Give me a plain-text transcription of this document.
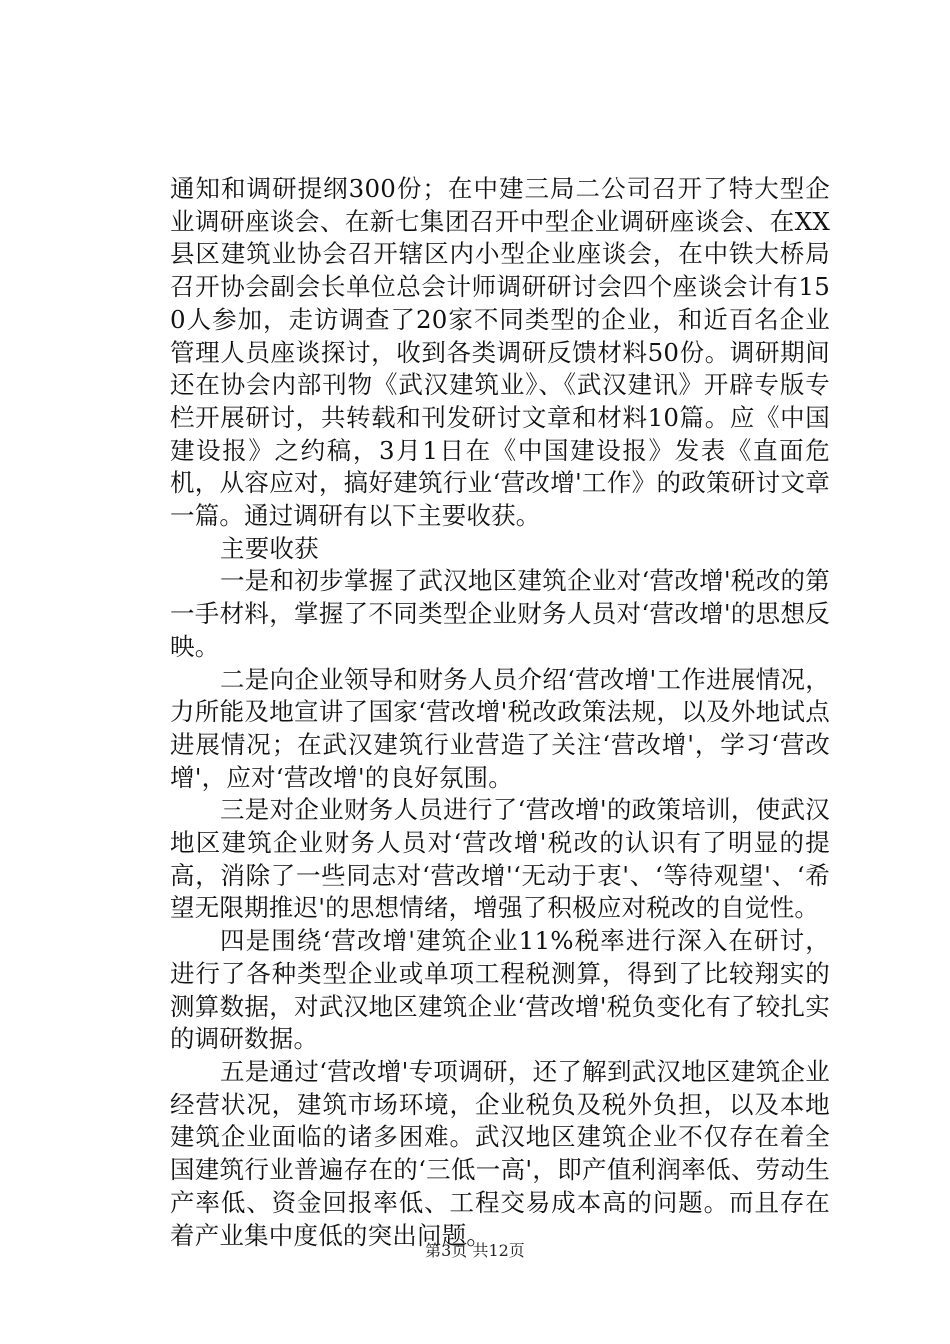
通知和调研提纲300份；在中建三局二公司召开了特大型企业调研座谈会、在新七集团召开中型企业调研座谈会、在XX县区建筑业协会召开辖区内小型企业座谈会，在中铁大桥局召开协会副会长单位总会计师调研研讨会四个座谈会计有150人参加，走访调查了20家不同类型的企业，和近百名企业管理人员座谈探讨，收到各类调研反馈材料50份。调研期间还在协会内部刊物《武汉建筑业》、《武汉建讯》开辟专版专栏开展研讨，共转载和刊发研讨文章和材料10篇。应《中国建设报》之约稿，3月1日在《中国建设报》发表《直面危机，从容应对，搞好建筑行业‘营改增'工作》的政策研讨文章一篇。通过调研有以下主要收获。

主要收获

一是和初步掌握了武汉地区建筑企业对‘营改增'税改的第一手材料，掌握了不同类型企业财务人员对‘营改增'的思想反映。

二是向企业领导和财务人员介绍‘营改增'工作进展情况，力所能及地宣讲了国家‘营改增'税改政策法规，以及外地试点进展情况；在武汉建筑行业营造了关注‘营改增'，学习‘营改增'，应对‘营改增'的良好氛围。

三是对企业财务人员进行了‘营改增'的政策培训，使武汉地区建筑企业财务人员对‘营改增'税改的认识有了明显的提高，消除了一些同志对‘营改增'‘无动于衷'、‘等待观望'、‘希望无限期推迟'的思想情绪，增强了积极应对税改的自觉性。

四是围绕‘营改增'建筑企业11%税率进行深入在研讨，进行了各种类型企业或单项工程税测算，得到了比较翔实的测算数据，对武汉地区建筑企业‘营改增'税负变化有了较扎实的调研数据。

五是通过‘营改增'专项调研，还了解到武汉地区建筑企业经营状况，建筑市场环境，企业税负及税外负担，以及本地建筑企业面临的诸多困难。武汉地区建筑企业不仅存在着全国建筑行业普遍存在的‘三低一高'，即产值利润率低、劳动生产率低、资金回报率低、工程交易成本高的问题。而且存在着产业集中度低的突出问题。

第3页 共12页
